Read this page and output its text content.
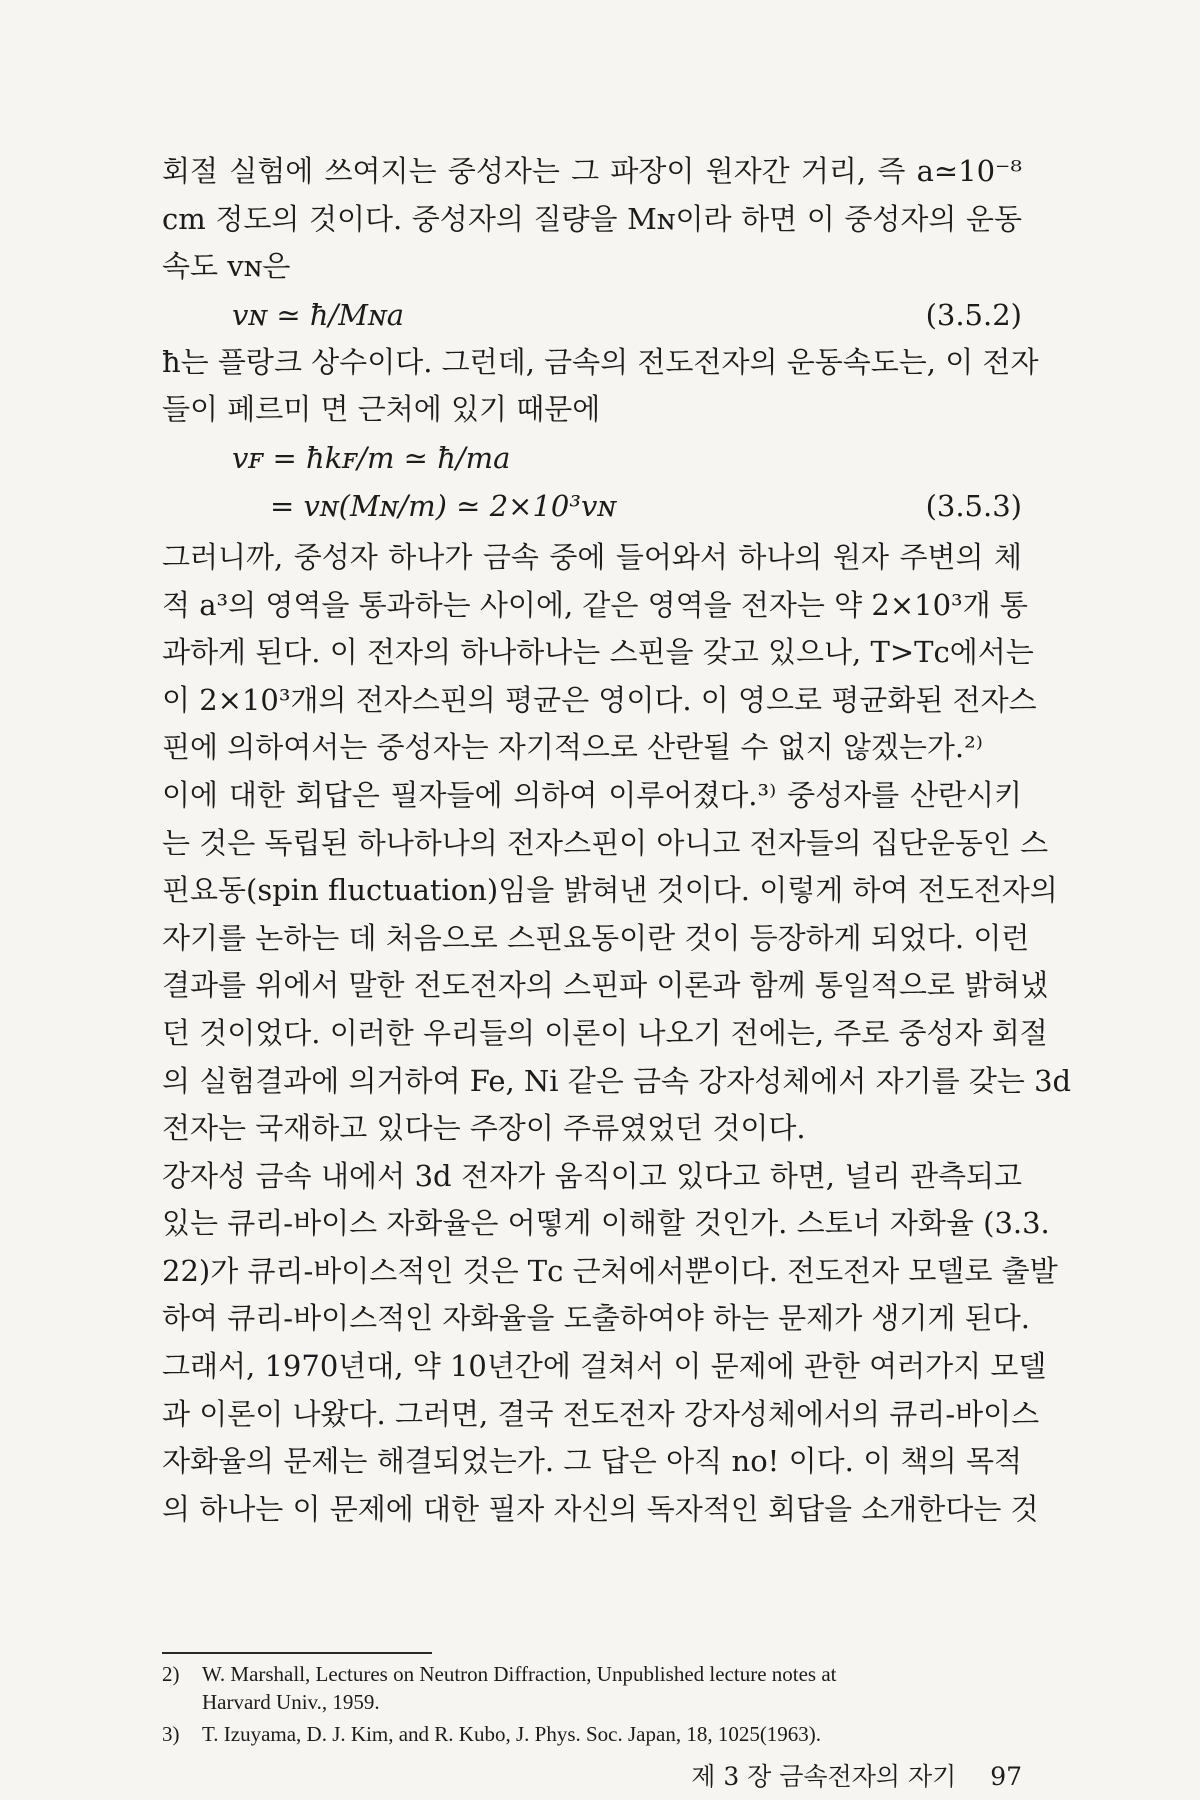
회절 실험에 쓰여지는 중성자는 그 파장이 원자간 거리, 즉 a≃10⁻⁸
cm 정도의 것이다. 중성자의 질량을 Mɴ이라 하면 이 중성자의 운동
속도 vɴ은
vɴ ≃ ħ/Mɴa	(3.5.2)
ħ는 플랑크 상수이다. 그런데, 금속의 전도전자의 운동속도는, 이 전자
들이 페르미 면 근처에 있기 때문에
vꜰ = ħkꜰ/m ≃ ħ/ma
= vɴ(Mɴ/m) ≃ 2×10³vɴ	(3.5.3)
그러니까, 중성자 하나가 금속 중에 들어와서 하나의 원자 주변의 체
적 a³의 영역을 통과하는 사이에, 같은 영역을 전자는 약 2×10³개 통
과하게 된다. 이 전자의 하나하나는 스핀을 갖고 있으나, T>Tᴄ에서는
이 2×10³개의 전자스핀의 평균은 영이다. 이 영으로 평균화된 전자스
핀에 의하여서는 중성자는 자기적으로 산란될 수 없지 않겠는가.²⁾
이에 대한 회답은 필자들에 의하여 이루어졌다.³⁾ 중성자를 산란시키
는 것은 독립된 하나하나의 전자스핀이 아니고 전자들의 집단운동인 스
핀요동(spin fluctuation)임을 밝혀낸 것이다. 이렇게 하여 전도전자의
자기를 논하는 데 처음으로 스핀요동이란 것이 등장하게 되었다. 이런
결과를 위에서 말한 전도전자의 스핀파 이론과 함께 통일적으로 밝혀냈
던 것이었다. 이러한 우리들의 이론이 나오기 전에는, 주로 중성자 회절
의 실험결과에 의거하여 Fe, Ni 같은 금속 강자성체에서 자기를 갖는 3d
전자는 국재하고 있다는 주장이 주류였었던 것이다.
강자성 금속 내에서 3d 전자가 움직이고 있다고 하면, 널리 관측되고
있는 큐리-바이스 자화율은 어떻게 이해할 것인가. 스토너 자화율 (3.3.
22)가 큐리-바이스적인 것은 Tᴄ 근처에서뿐이다. 전도전자 모델로 출발
하여 큐리-바이스적인 자화율을 도출하여야 하는 문제가 생기게 된다.
그래서, 1970년대, 약 10년간에 걸쳐서 이 문제에 관한 여러가지 모델
과 이론이 나왔다. 그러면, 결국 전도전자 강자성체에서의 큐리-바이스
자화율의 문제는 해결되었는가. 그 답은 아직 no! 이다. 이 책의 목적
의 하나는 이 문제에 대한 필자 자신의 독자적인 회답을 소개한다는 것
2) W. Marshall, Lectures on Neutron Diffraction, Unpublished lecture notes at
Harvard Univ., 1959.
3) T. Izuyama, D. J. Kim, and R. Kubo, J. Phys. Soc. Japan, 18, 1025(1963).
제 3 장 금속전자의 자기 97
